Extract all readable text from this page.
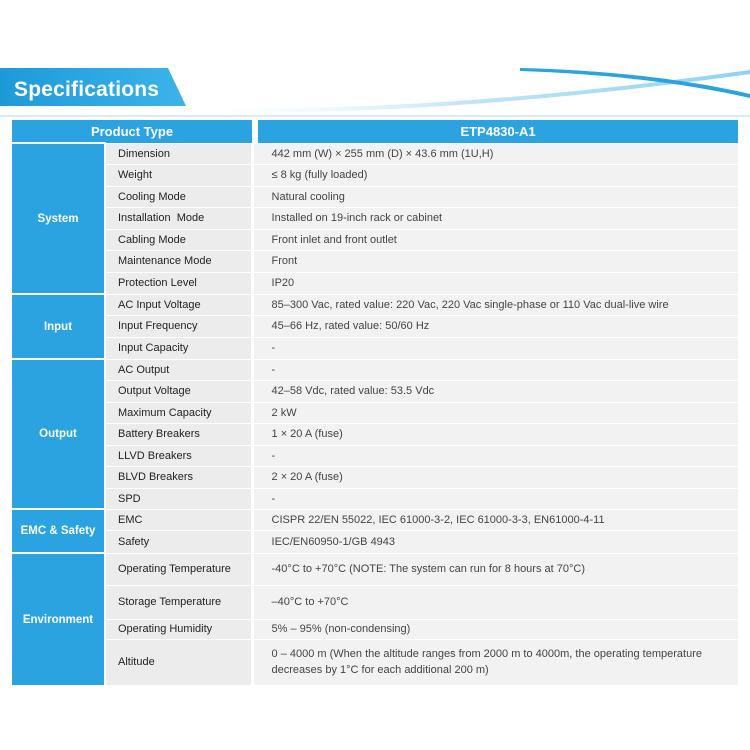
Specifications
Product Type			ETP4830-A1
System	Dimension	442 mm (W) × 255 mm (D) × 43.6 mm (1U,H)	
	Weight	≤ 8 kg (fully loaded)	
	Cooling Mode	Natural cooling	
	Installation  Mode	Installed on 19-inch rack or cabinet	
	Cabling Mode	Front inlet and front outlet	
	Maintenance Mode	Front	
	Protection Level	IP20	
Input	AC Input Voltage	85–300 Vac, rated value: 220 Vac, 220 Vac single-phase or 110 Vac dual-live wire	
	Input Frequency	45–66 Hz, rated value: 50/60 Hz	
	Input Capacity	-	
Output	AC Output	-	
	Output Voltage	42–58 Vdc, rated value: 53.5 Vdc	
	Maximum Capacity	2 kW	
	Battery Breakers	1 × 20 A (fuse)	
	LLVD Breakers	-	
	BLVD Breakers	2 × 20 A (fuse)	
	SPD	-	
EMC & Safety	EMC	CISPR 22/EN 55022, IEC 61000-3-2, IEC 61000-3-3, EN61000-4-11	
	Safety	IEC/EN60950-1/GB 4943	
Environment	Operating Temperature	-40°C to +70°C (NOTE: The system can run for 8 hours at 70°C)	
	Storage Temperature	–40°C to +70°C	
	Operating Humidity	5% – 95% (non-condensing)	
	Altitude	0 – 4000 m (When the altitude ranges from 2000 m to 4000m, the operating temperature decreases by 1°C for each additional 200 m)	
